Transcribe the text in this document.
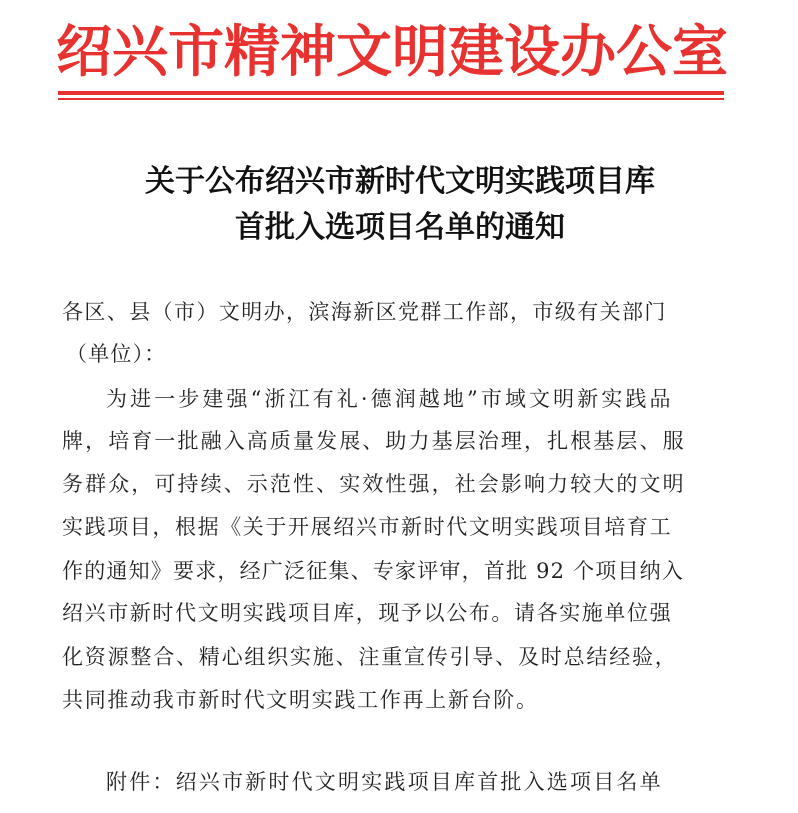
绍兴市精神文明建设办公室
关于公布绍兴市新时代文明实践项目库
首批入选项目名单的通知
各区、县（市）文明办，滨海新区党群工作部，市级有关部门
（单位）：
为进一步建强“浙江有礼·德润越地”市域文明新实践品
牌，培育一批融入高质量发展、助力基层治理，扎根基层、服
务群众，可持续、示范性、实效性强，社会影响力较大的文明
实践项目，根据《关于开展绍兴市新时代文明实践项目培育工
作的通知》要求，经广泛征集、专家评审，首批 92 个项目纳入
绍兴市新时代文明实践项目库，现予以公布。请各实施单位强
化资源整合、精心组织实施、注重宣传引导、及时总结经验，
共同推动我市新时代文明实践工作再上新台阶。
附件：绍兴市新时代文明实践项目库首批入选项目名单
